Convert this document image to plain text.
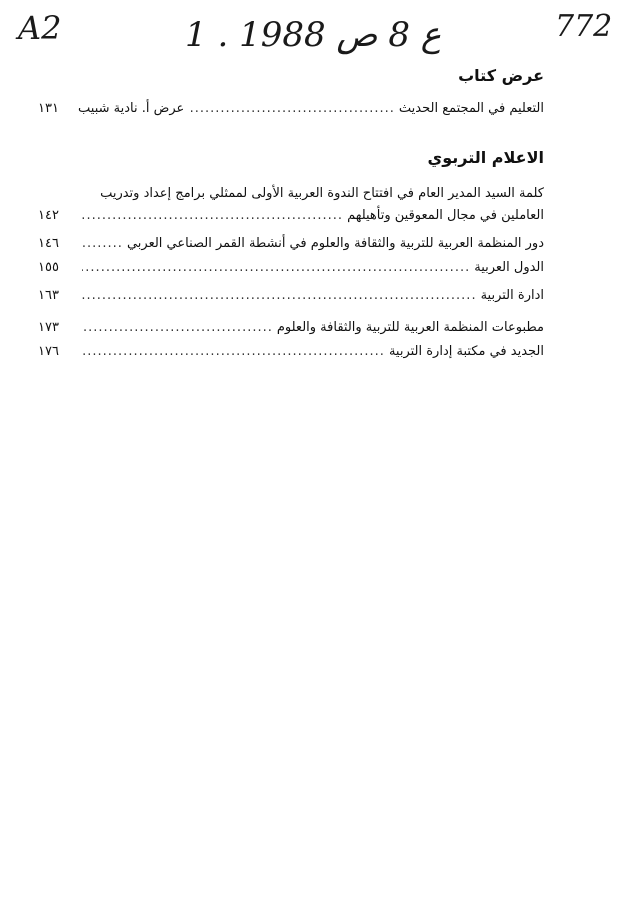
A2	1 . ع 8 ص 1988	772
عرض كتاب
التعليم في المجتمع الحديث
.....
عرض أ. نادية شبيب
١٣١
الاعلام التربوي
كلمة السيد المدير العام في افتتاح الندوة العربية الأولى لممثلي برامج إعداد وتدريب
العاملين في مجال المعوقين وتأهيلهم
.....
١٤٢
دور المنظمة العربية للتربية والثقافة والعلوم في أنشطة القمر الصناعي العربي
.....
١٤٦
الدول العربية
.....
١٥٥
ادارة التربية
.....
١٦٣
مطبوعات المنظمة العربية للتربية والثقافة والعلوم
.....
١٧٣
الجديد في مكتبة إدارة التربية
.....
١٧٦
